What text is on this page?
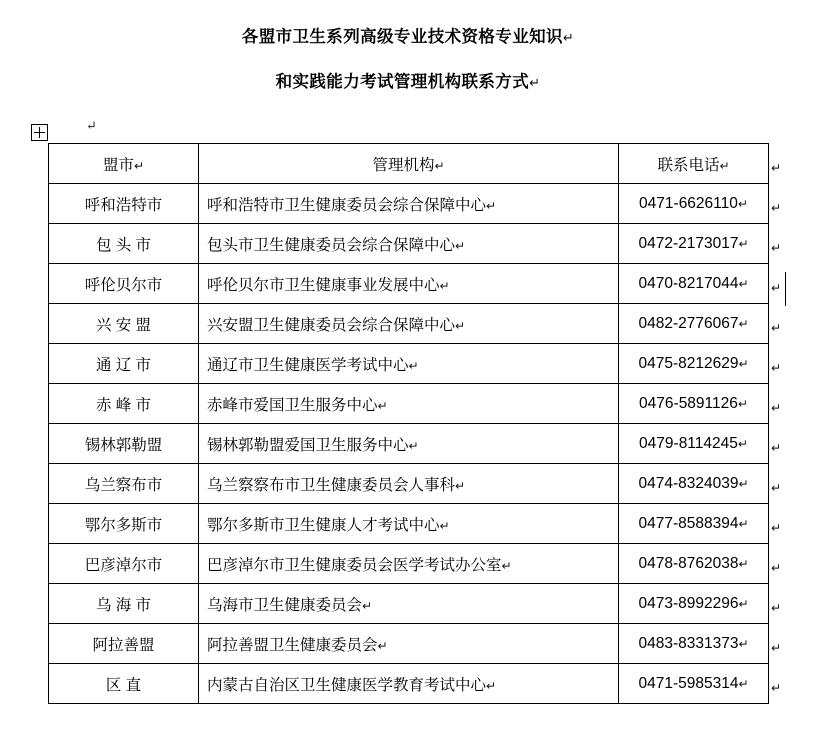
各盟市卫生系列高级专业技术资格专业知识↵
和实践能力考试管理机构联系方式↵
↵
盟市↵	管理机构↵	联系电话↵
呼和浩特市	呼和浩特市卫生健康委员会综合保障中心↵	0471-6626110↵
包 头 市	包头市卫生健康委员会综合保障中心↵	0472-2173017↵
呼伦贝尔市	呼伦贝尔市卫生健康事业发展中心↵	0470-8217044↵
兴 安 盟	兴安盟卫生健康委员会综合保障中心↵	0482-2776067↵
通 辽 市	通辽市卫生健康医学考试中心↵	0475-8212629↵
赤 峰 市	赤峰市爱国卫生服务中心↵	0476-5891126↵
锡林郭勒盟	锡林郭勒盟爱国卫生服务中心↵	0479-8114245↵
乌兰察布市	乌兰察察布市卫生健康委员会人事科↵	0474-8324039↵
鄂尔多斯市	鄂尔多斯市卫生健康人才考试中心↵	0477-8588394↵
巴彦淖尔市	巴彦淖尔市卫生健康委员会医学考试办公室↵	0478-8762038↵
乌 海 市	乌海市卫生健康委员会↵	0473-8992296↵
阿拉善盟	阿拉善盟卫生健康委员会↵	0483-8331373↵
区 直	内蒙古自治区卫生健康医学教育考试中心↵	0471-5985314↵
↵
↵
↵
↵
↵
↵
↵
↵
↵
↵
↵
↵
↵
↵
